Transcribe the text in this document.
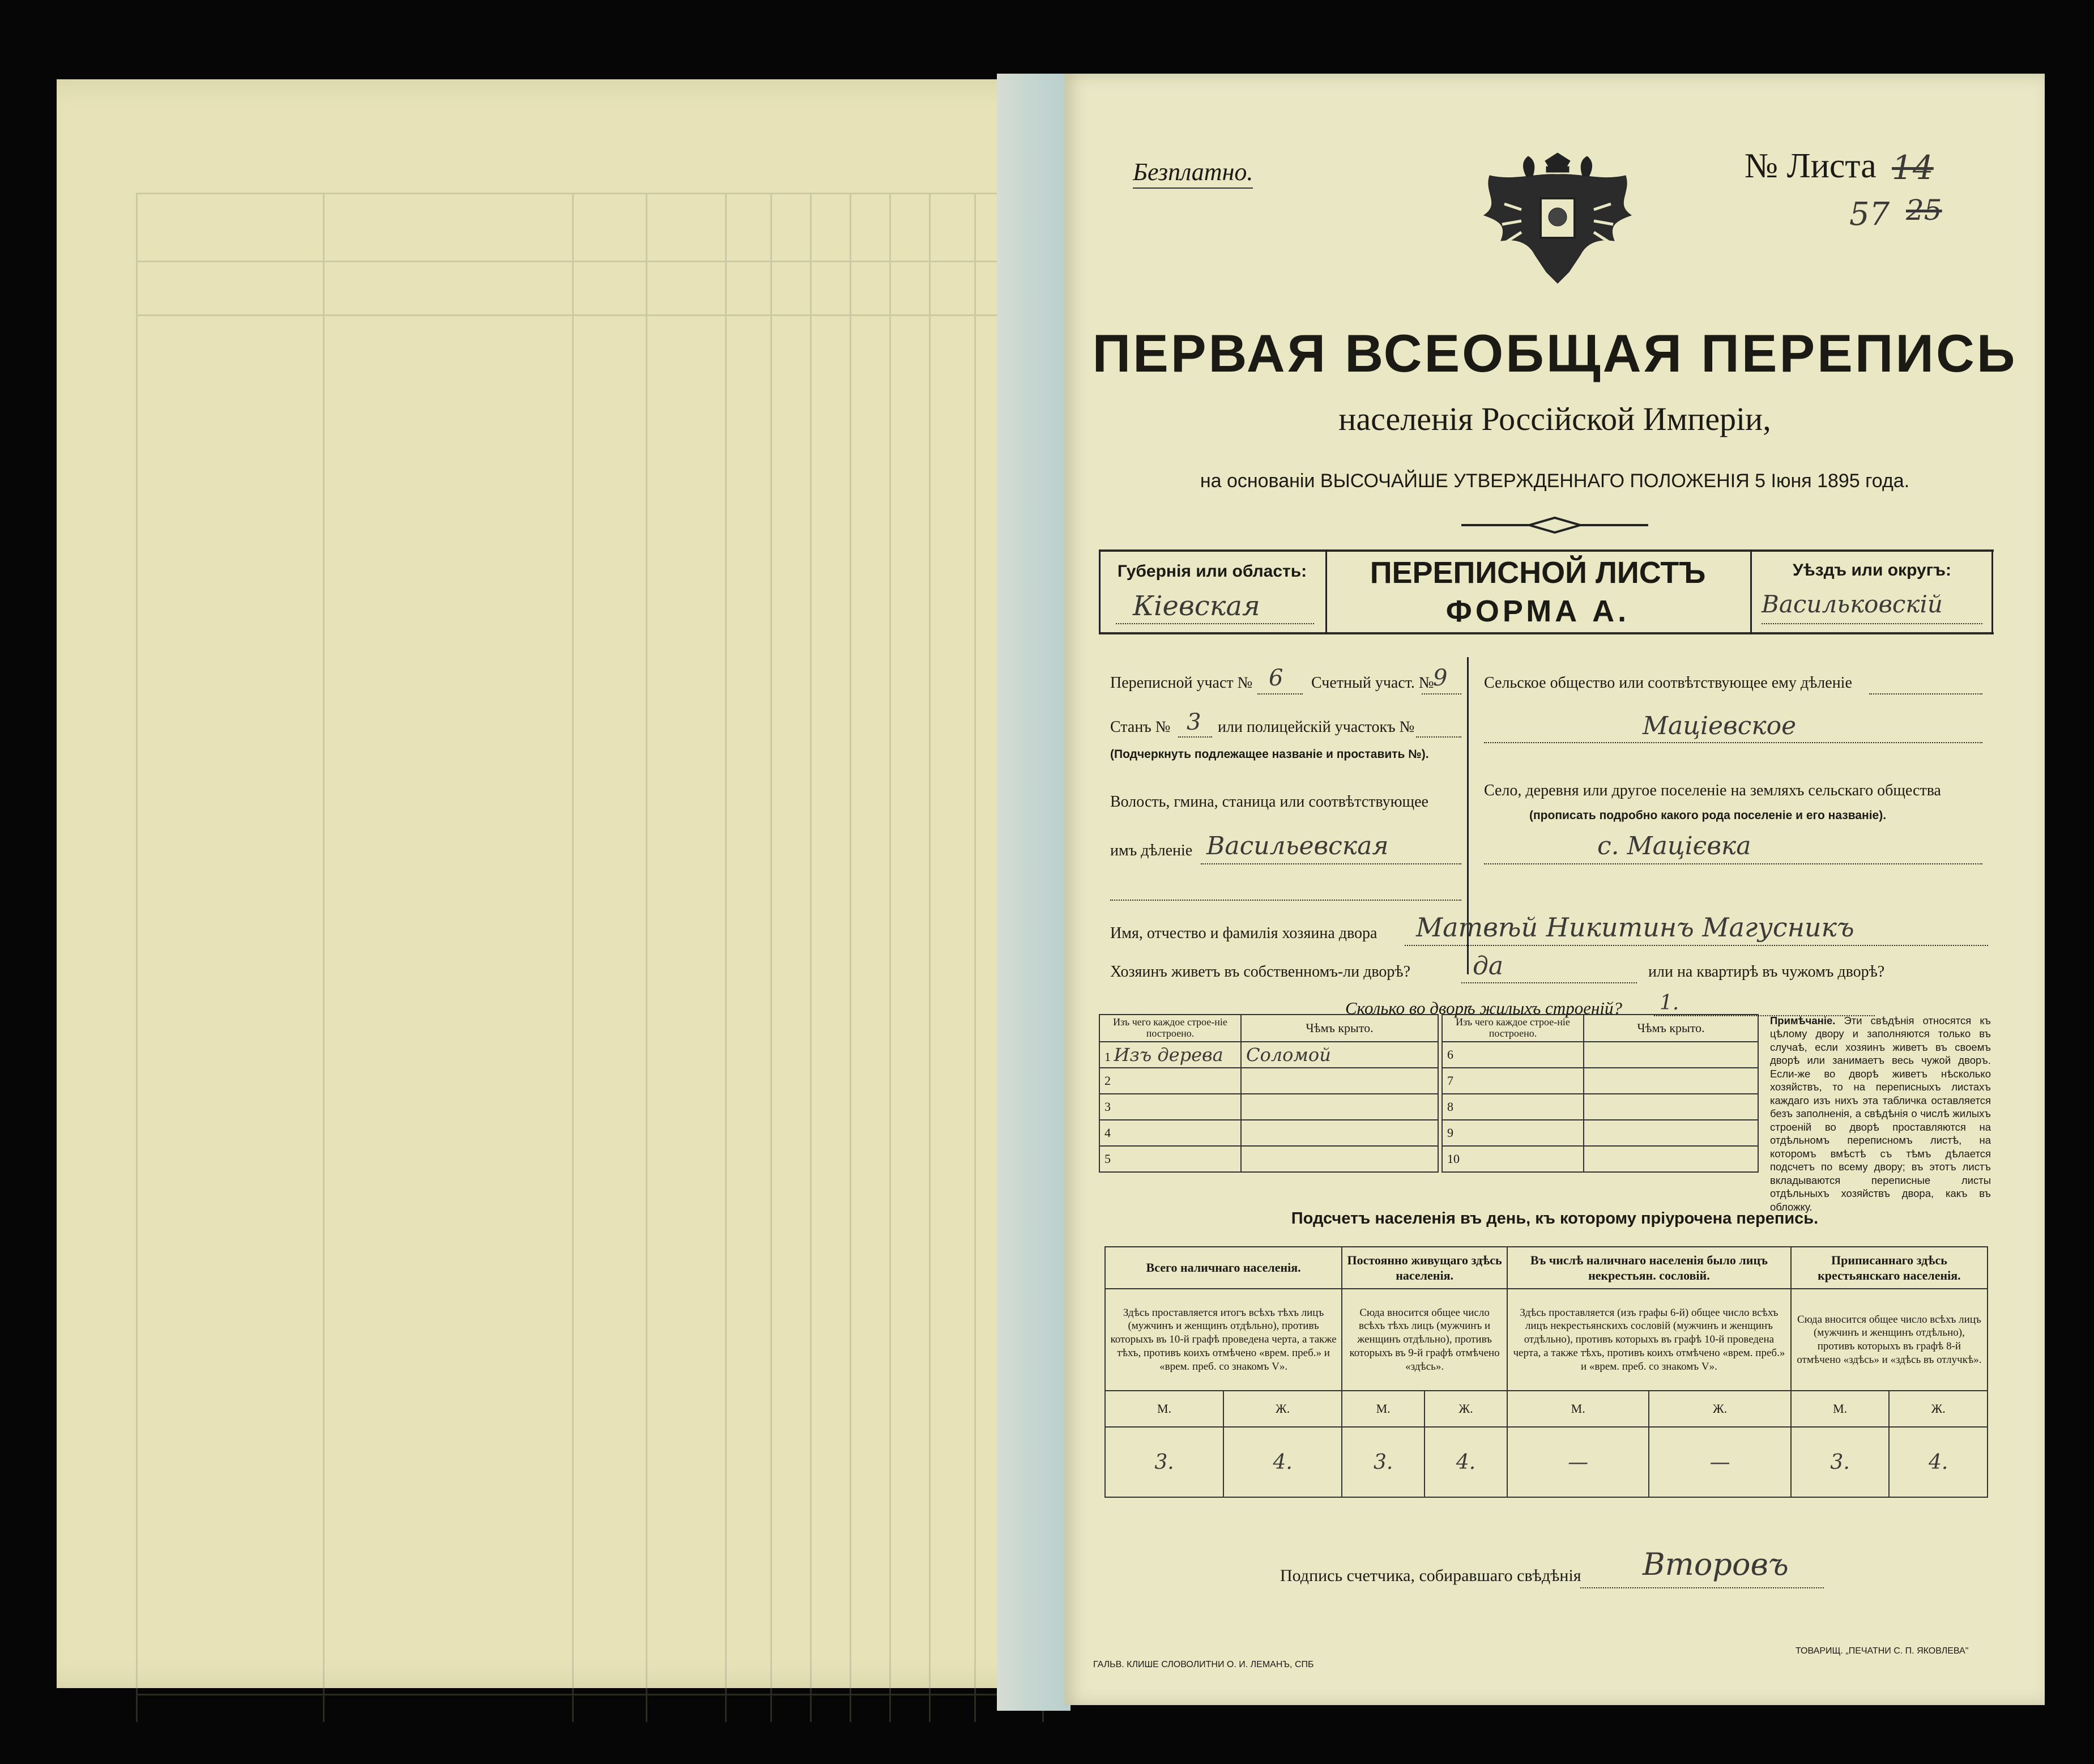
Безплатно.	№ Листа 14
57 25
ПЕРВАЯ ВСЕОБЩАЯ ПЕРЕПИСЬ
населенія Россійской Имперіи,
на основаніи ВЫСОЧАЙШЕ УТВЕРЖДЕННАГО ПОЛОЖЕНІЯ 5 Іюня 1895 года.
Губернія или область:
Кіевская
ПЕРЕПИСНОЙ ЛИСТЪ
ФОРМА А.
Уѣздъ или округъ:
Васильковскій
Переписной участ № 6 Счетный участ. №
9
Станъ № 3 или полицейскій участокъ №
(Подчеркнуть подлежащее названіе и проставить №).
Волость, гмина, станица или соотвѣтствующее
имъ дѣленіе Васильевская
Сельское общество или соотвѣтствующее ему дѣленіе
Маціевское
Село, деревня или другое поселеніе на земляхъ сельскаго общества
(прописать подробно какого рода поселеніе и его названіе).
с. Мацієвка
Имя, отчество и фамилія хозяина двора Матвѣй Никитинъ Магусникъ
Хозяинъ живетъ въ собственномъ-ли дворѣ? да	или на квартирѣ въ чужомъ дворѣ?
Сколько во дворѣ жилыхъ строеній? 1.
Изъ чего каждое строе-ніе построено.	Чѣмъ крыто.
1 Изъ дерева	Соломой
2	
3	
4	
5	
Изъ чего каждое строе-ніе построено.	Чѣмъ крыто.
6	
7	
8	
9	
10	
Примѣчаніе. Эти свѣдѣнія относятся къ цѣлому двору и заполняются только въ случаѣ, если хозяинъ живетъ въ своемъ дворѣ или занимаетъ весь чужой дворъ. Если-же во дворѣ живетъ нѣсколько хозяйствъ, то на переписныхъ листахъ каждаго изъ нихъ эта табличка оставляется безъ заполненія, а свѣдѣнія о числѣ жилыхъ строеній во дворѣ проставляются на отдѣльномъ переписномъ листѣ, на которомъ вмѣстѣ съ тѣмъ дѣлается подсчетъ по всему двору; въ этотъ листъ вкладываются переписные листы отдѣльныхъ хозяйствъ двора, какъ въ обложку.
Подсчетъ населенія въ день, къ которому пріурочена перепись.
Всего наличнаго населенія.		Постоянно живущаго здѣсь населенія.		Въ числѣ наличнаго населенія было лицъ некрестьян. сословій.		Приписаннаго здѣсь крестьянскаго населенія.	
Здѣсь проставляется итогъ всѣхъ тѣхъ лицъ (мужчинъ и женщинъ отдѣльно), противъ которыхъ въ 10-й графѣ проведена черта, а также тѣхъ, противъ коихъ отмѣчено «врем. преб.» и «врем. преб. со знакомъ V».		Сюда вносится общее число всѣхъ тѣхъ лицъ (мужчинъ и женщинъ отдѣльно), противъ которыхъ въ 9-й графѣ отмѣчено «здѣсь».		Здѣсь проставляется (изъ графы 6-й) общее число всѣхъ лицъ некрестьянскихъ сословій (мужчинъ и женщинъ отдѣльно), противъ которыхъ въ графѣ 10-й проведена черта, а также тѣхъ, противъ коихъ отмѣчено «врем. преб.» и «врем. преб. со знакомъ V».		Сюда вносится общее число всѣхъ лицъ (мужчинъ и женщинъ отдѣльно), противъ которыхъ въ графѣ 8-й отмѣчено «здѣсь» и «здѣсь въ отлучкѣ».	
М.	Ж.	М.	Ж.	М.	Ж.	М.	Ж.
3.	4.	3.	4.	—	—	3.	4.
Подпись счетчика, собиравшаго свѣдѣнія Второвъ
ГАЛЬВ. КЛИШЕ СЛОВОЛИТНИ О. И. ЛЕМАНЪ, СПБ
ТОВАРИЩ. „ПЕЧАТНИ С. П. ЯКОВЛЕВА"
